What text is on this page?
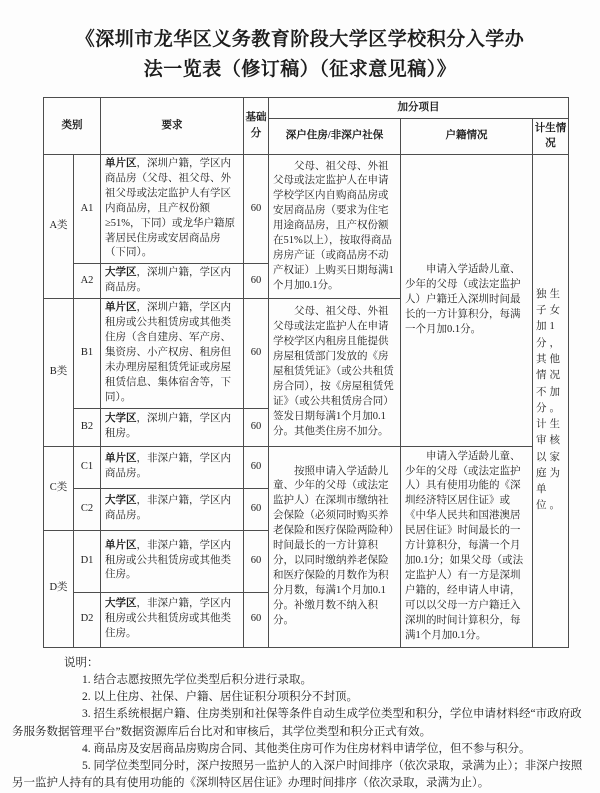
《深圳市龙华区义务教育阶段大学区学校积分入学办
法一览表（修订稿）（征求意见稿）》
类别		要求	基础分	加分项目		
				深户住房/非深户社保	户籍情况	计生情况
A类	A1	单片区，深圳户籍，学区内商品房（父母、祖父母、外祖父母或法定监护人有学区内商品房，且产权份额≥51%，下同）或龙华户籍原著居民住房或安居商品房（下同）。	60	父母、祖父母、外祖父母或法定监护人在申请学校学区内自购商品房或安居商品房（要求为住宅用途商品房，且产权份额在51%以上），按取得商品房房产证（或商品房不动产权证）上购买日期每满1个月加0.1分。	申请入学适龄儿童、少年的父母（或法定监护人）户籍迁入深圳时间最长的一方计算积分，每满一个月加0.1分。	独生子女加1分，其他情况不加分。计生审核以家庭为单位。
	A2	大学区，深圳户籍，学区内商品房。	60			
B类	B1	单片区，深圳户籍，学区内租房或公共租赁房或其他类住房（含自建房、军产房、集资房、小产权房、租房但未办理房屋租赁凭证或房屋租赁信息、集体宿舍等，下同）。	60	父母、祖父母、外祖父母或法定监护人在申请学校学区内租房且能提供房屋租赁部门发放的《房屋租赁凭证》（或公共租赁房合同），按《房屋租赁凭证》（或公共租赁房合同）签发日期每满1个月加0.1分。其他类住房不加分。		
	B2	大学区，深圳户籍，学区内租房。	60			
C类	C1	单片区，非深户籍，学区内商品房。	60	按照申请入学适龄儿童、少年的父母（或法定监护人）在深圳市缴纳社会保险（必须同时购买养老保险和医疗保险两险种）时间最长的一方计算积分，以同时缴纳养老保险和医疗保险的月数作为积分月数，每满1个月加0.1分。补缴月数不纳入积分。	申请入学适龄儿童、少年的父母（或法定监护人）具有使用功能的《深圳经济特区居住证》或《中华人民共和国港澳居民居住证》时间最长的一方计算积分，每满一个月加0.1分；如果父母（或法定监护人）有一方是深圳户籍的，经申请人申请，可以以父母一方户籍迁入深圳的时间计算积分，每满1个月加0.1分。	
	C2	大学区，非深户籍，学区内商品房。	60			
D类	D1	单片区，非深户籍，学区内租房或公共租赁房或其他类住房。	60			
	D2	大学区，非深户籍，学区内租房或公共租赁房或其他类住房。	60			

说明：

1. 结合志愿按照先学位类型后积分进行录取。

2. 以上住房、社保、户籍、居住证积分项积分不封顶。

3. 招生系统根据户籍、住房类别和社保等条件自动生成学位类型和积分，学位申请材料经“市政府政务服务数据管理平台”数据资源库后台比对和审核后，其学位类型和积分正式有效。

4. 商品房及安居商品房购房合同、其他类住房可作为住房材料申请学位，但不参与积分。

5. 同学位类型同分时，深户按照另一监护人的入深户时间排序（依次录取，录满为止）；非深户按照另一监护人持有的具有使用功能的《深圳特区居住证》办理时间排序（依次录取，录满为止）。
